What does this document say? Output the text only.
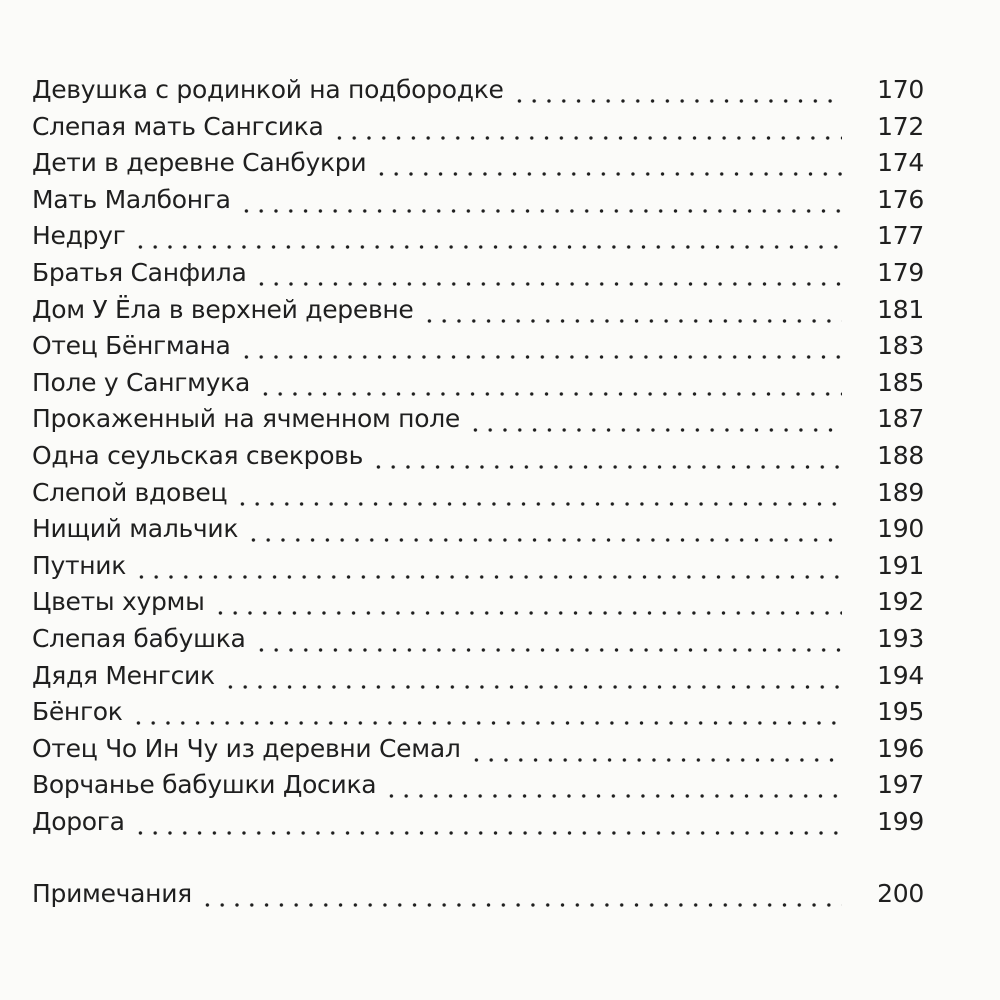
Девушка с родинкой на подбородке	170
Слепая мать Сангсика	172
Дети в деревне Санбукри	174
Мать Малбонга	176
Недруг	177
Братья Санфила	179
Дом У Ёла в верхней деревне	181
Отец Бёнгмана	183
Поле у Сангмука	185
Прокаженный на ячменном поле	187
Одна сеульская свекровь	188
Слепой вдовец	189
Нищий мальчик	190
Путник	191
Цветы хурмы	192
Слепая бабушка	193
Дядя Менгсик	194
Бёнгок	195
Отец Чо Ин Чу из деревни Семал	196
Ворчанье бабушки Досика	197
Дорога	199
Примечания	200
